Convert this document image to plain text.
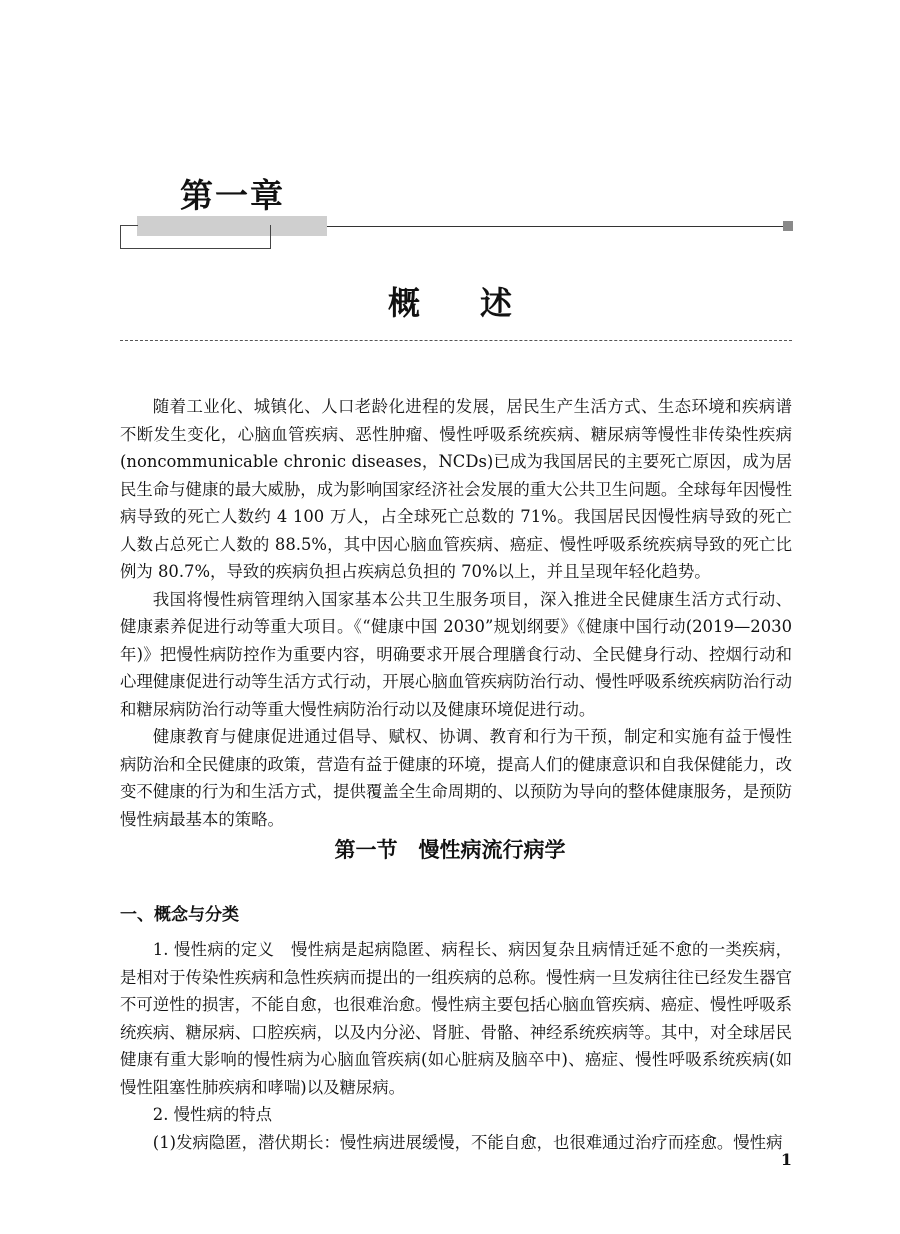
第一章
概述

随着工业化、城镇化、人口老龄化进程的发展，居民生产生活方式、生态环境和疾病谱不断发生变化，心脑血管疾病、恶性肿瘤、慢性呼吸系统疾病、糖尿病等慢性非传染性疾病(noncommunicable chronic diseases，NCDs)已成为我国居民的主要死亡原因，成为居民生命与健康的最大威胁，成为影响国家经济社会发展的重大公共卫生问题。全球每年因慢性病导致的死亡人数约 4 100 万人，占全球死亡总数的 71%。我国居民因慢性病导致的死亡人数占总死亡人数的 88.5%，其中因心脑血管疾病、癌症、慢性呼吸系统疾病导致的死亡比例为 80.7%，导致的疾病负担占疾病总负担的 70%以上，并且呈现年轻化趋势。

我国将慢性病管理纳入国家基本公共卫生服务项目，深入推进全民健康生活方式行动、健康素养促进行动等重大项目。《“健康中国 2030”规划纲要》《健康中国行动(2019—2030年)》把慢性病防控作为重要内容，明确要求开展合理膳食行动、全民健身行动、控烟行动和心理健康促进行动等生活方式行动，开展心脑血管疾病防治行动、慢性呼吸系统疾病防治行动和糖尿病防治行动等重大慢性病防治行动以及健康环境促进行动。

健康教育与健康促进通过倡导、赋权、协调、教育和行为干预，制定和实施有益于慢性病防治和全民健康的政策，营造有益于健康的环境，提高人们的健康意识和自我保健能力，改变不健康的行为和生活方式，提供覆盖全生命周期的、以预防为导向的整体健康服务，是预防慢性病最基本的策略。

第一节　慢性病流行病学
一、概念与分类

1. 慢性病的定义　慢性病是起病隐匿、病程长、病因复杂且病情迁延不愈的一类疾病，是相对于传染性疾病和急性疾病而提出的一组疾病的总称。慢性病一旦发病往往已经发生器官不可逆性的损害，不能自愈，也很难治愈。慢性病主要包括心脑血管疾病、癌症、慢性呼吸系统疾病、糖尿病、口腔疾病，以及内分泌、肾脏、骨骼、神经系统疾病等。其中，对全球居民健康有重大影响的慢性病为心脑血管疾病(如心脏病及脑卒中)、癌症、慢性呼吸系统疾病(如慢性阻塞性肺疾病和哮喘)以及糖尿病。

2. 慢性病的特点

(1)发病隐匿，潜伏期长：慢性病进展缓慢，不能自愈，也很难通过治疗而痊愈。慢性病

1
